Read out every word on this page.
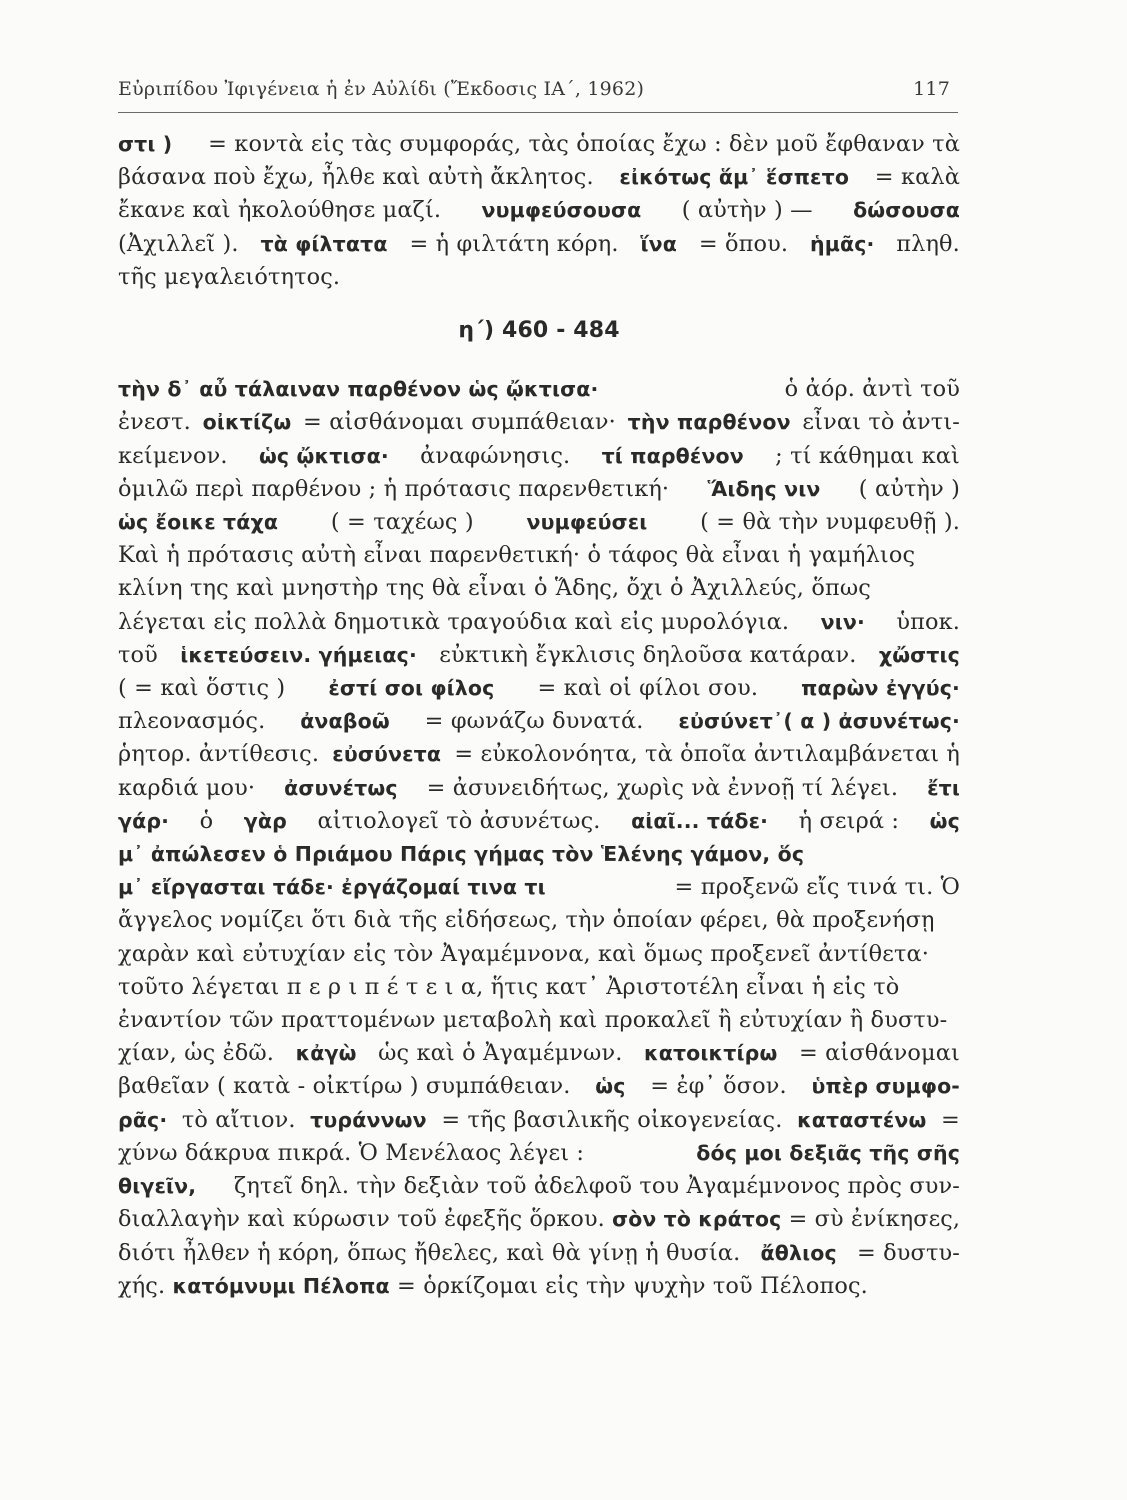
Εὐριπίδου Ἰφιγένεια ἡ ἐν Αὐλίδι (Ἔκδοσις ΙΑ΄, 1962)	117
στι ) = κοντὰ εἰς τὰς συμφοράς, τὰς ὁποίας ἔχω : δὲν μοῦ ἔφθαναν τὰ
βάσανα ποὺ ἔχω, ἦλθε καὶ αὐτὴ ἄκλητος. εἰκότως ἅμ᾽ ἕσπετο = καλὰ
ἔκανε καὶ ἠκολούθησε μαζί. νυμφεύσουσα ( αὐτὴν ) — δώσουσα
(Ἀχιλλεῖ ). τὰ φίλτατα = ἡ φιλτάτη κόρη. ἵνα = ὅπου. ἡμᾶς· πληθ.
τῆς μεγαλειότητος.
η΄) 460 - 484
τὴν δ᾽ αὖ τάλαιναν παρθένον ὡς ᾤκτισα·	ὁ ἀόρ. ἀντὶ τοῦ
ἐνεστ. οἰκτίζω = αἰσθάνομαι συμπάθειαν· τὴν παρθένον εἶναι τὸ ἀντι-
κείμενον. ὡς ᾤκτισα· ἀναφώνησις. τί παρθένον ; τί κάθημαι καὶ
ὁμιλῶ περὶ παρθένου ; ἡ πρότασις παρενθετική· Ἅιδης νιν ( αὐτὴν )
ὡς ἔοικε τάχα ( = ταχέως ) νυμφεύσει ( = θὰ τὴν νυμφευθῇ ).
Καὶ ἡ πρότασις αὐτὴ εἶναι παρενθετική· ὁ τάφος θὰ εἶναι ἡ γαμήλιος
κλίνη της καὶ μνηστὴρ της θὰ εἶναι ὁ Ἅδης, ὄχι ὁ Ἀχιλλεύς, ὅπως
λέγεται εἰς πολλὰ δημοτικὰ τραγούδια καὶ εἰς μυρολόγια. νιν· ὑποκ.
τοῦ ἱκετεύσειν. γήμειας· εὐκτικὴ ἔγκλισις δηλοῦσα κατάραν. χὤστις
( = καὶ ὅστις ) ἐστί σοι φίλος = καὶ οἱ φίλοι σου. παρὼν ἐγγύς·
πλεονασμός. ἀναβοῶ = φωνάζω δυνατά. εὐσύνετ᾽( α ) ἀσυνέτως·
ῥητορ. ἀντίθεσις. εὐσύνετα = εὐκολονόητα, τὰ ὁποῖα ἀντιλαμβάνεται ἡ
καρδιά μου· ἀσυνέτως = ἀσυνειδήτως, χωρὶς νὰ ἐννοῇ τί λέγει. ἔτι
γάρ· ὁ γὰρ αἰτιολογεῖ τὸ ἀσυνέτως. αἰαῖ... τάδε· ἡ σειρά : ὡς
μ᾽ ἀπώλεσεν ὁ Πριάμου Πάρις γήμας τὸν Ἑλένης γάμον, ὅς
μ᾽ εἴργασται τάδε· ἐργάζομαί τινα τι	= προξενῶ εἴς τινά τι. Ὁ
ἄγγελος νομίζει ὅτι διὰ τῆς εἰδήσεως, τὴν ὁποίαν φέρει, θὰ προξενήσῃ
χαρὰν καὶ εὐτυχίαν εἰς τὸν Ἀγαμέμνονα, καὶ ὅμως προξενεῖ ἀντίθετα·
τοῦτο λέγεται π ε ρ ι π έ τ ε ι α, ἥτις κατ᾽ Ἀριστοτέλη εἶναι ἡ εἰς τὸ
ἐναντίον τῶν πραττομένων μεταβολὴ καὶ προκαλεῖ ἢ εὐτυχίαν ἢ δυστυ-
χίαν, ὡς ἐδῶ. κἀγὼ ὡς καὶ ὁ Ἀγαμέμνων. κατοικτίρω = αἰσθάνομαι
βαθεῖαν ( κατὰ - οἰκτίρω ) συμπάθειαν. ὡς = ἐφ᾽ ὅσον. ὑπὲρ συμφο-
ρᾶς· τὸ αἴτιον. τυράννων = τῆς βασιλικῆς οἰκογενείας. καταστένω =
χύνω δάκρυα πικρά. Ὁ Μενέλαος λέγει :	δός μοι δεξιᾶς τῆς σῆς
θιγεῖν, ζητεῖ δηλ. τὴν δεξιὰν τοῦ ἀδελφοῦ του Ἀγαμέμνονος πρὸς συν-
διαλλαγὴν καὶ κύρωσιν τοῦ ἐφεξῆς ὅρκου. σὸν τὸ κράτος = σὺ ἐνίκησες,
διότι ἦλθεν ἡ κόρη, ὅπως ἤθελες, καὶ θὰ γίνῃ ἡ θυσία. ἄθλιος = δυστυ-
χής. κατόμνυμι Πέλοπα = ὁρκίζομαι εἰς τὴν ψυχὴν τοῦ Πέλοπος.
